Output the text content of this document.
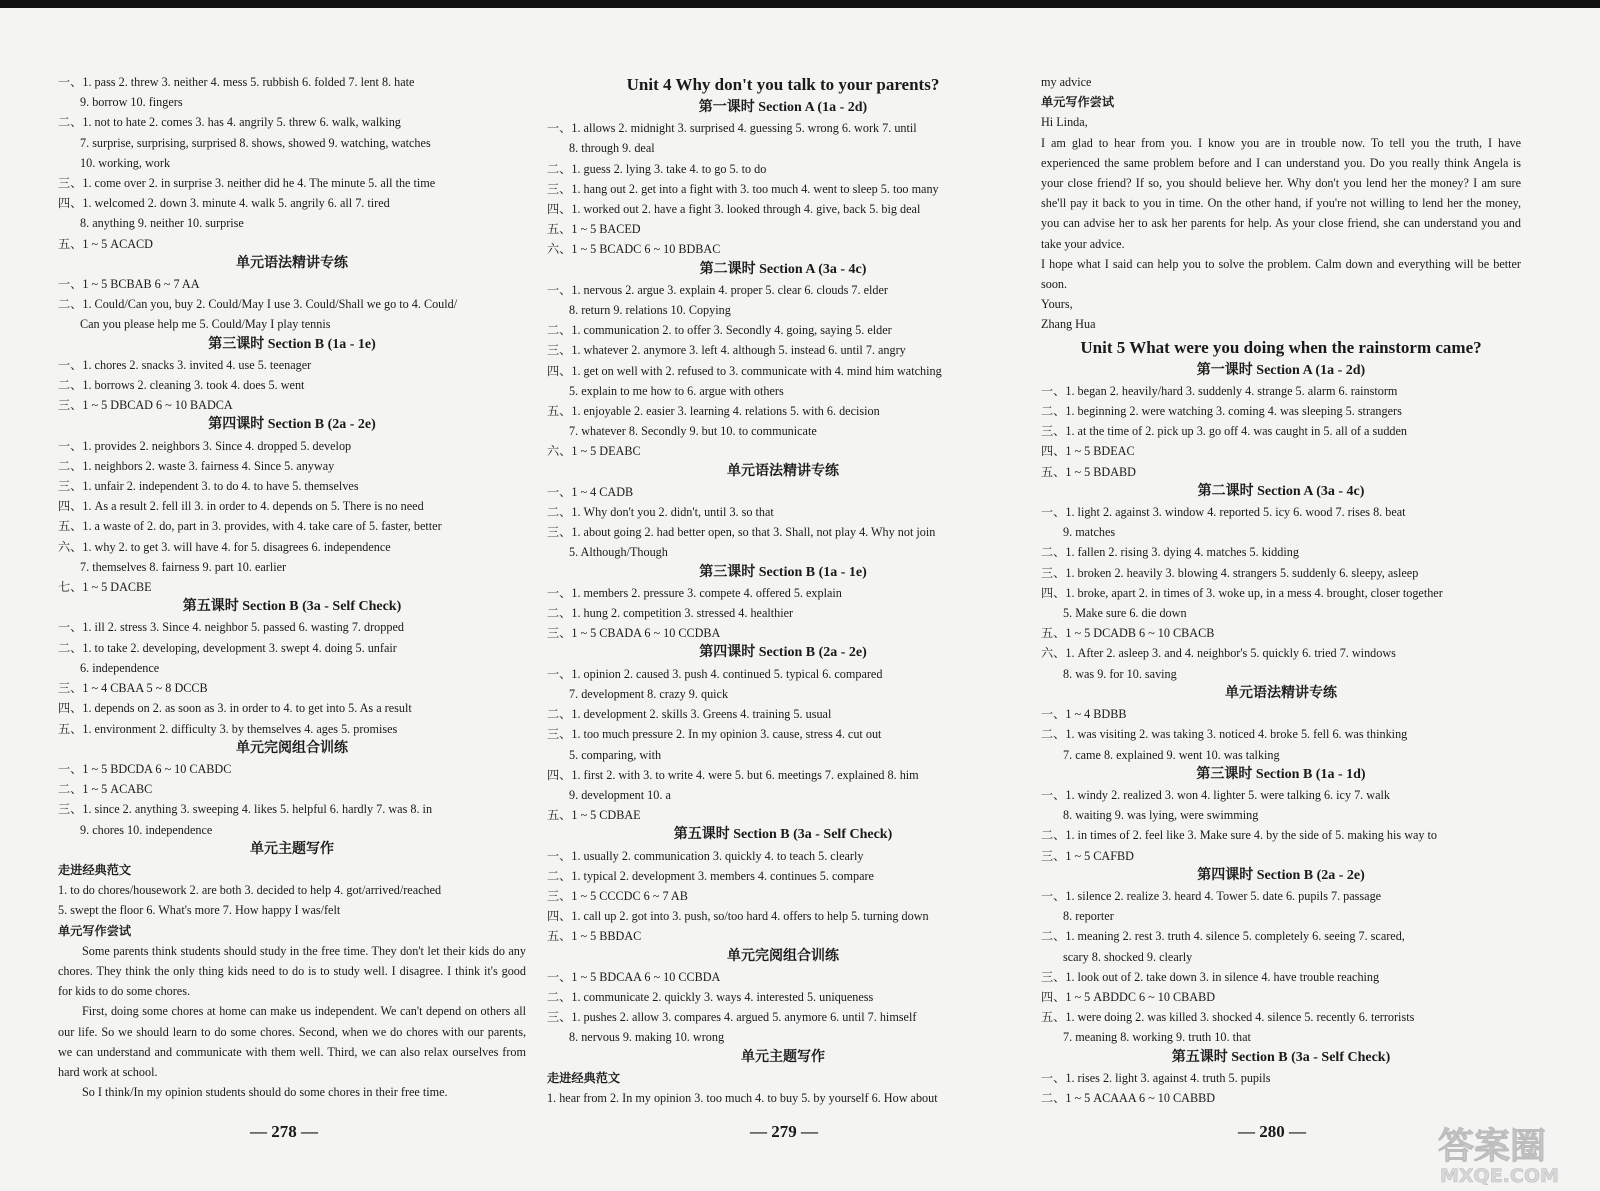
一、1. pass 2. threw 3. neither 4. mess 5. rubbish 6. folded 7. lent 8. hate
9. borrow 10. fingers
二、1. not to hate 2. comes 3. has 4. angrily 5. threw 6. walk, walking
7. surprise, surprising, surprised 8. shows, showed 9. watching, watches
10. working, work
三、1. come over 2. in surprise 3. neither did he 4. The minute 5. all the time
四、1. welcomed 2. down 3. minute 4. walk 5. angrily 6. all 7. tired
8. anything 9. neither 10. surprise
五、1 ~ 5 ACACD
单元语法精讲专练
一、1 ~ 5 BCBAB 6 ~ 7 AA
二、1. Could/Can you, buy 2. Could/May I use 3. Could/Shall we go to 4. Could/
Can you please help me 5. Could/May I play tennis
第三课时 Section B (1a - 1e)
一、1. chores 2. snacks 3. invited 4. use 5. teenager
二、1. borrows 2. cleaning 3. took 4. does 5. went
三、1 ~ 5 DBCAD 6 ~ 10 BADCA
第四课时 Section B (2a - 2e)
一、1. provides 2. neighbors 3. Since 4. dropped 5. develop
二、1. neighbors 2. waste 3. fairness 4. Since 5. anyway
三、1. unfair 2. independent 3. to do 4. to have 5. themselves
四、1. As a result 2. fell ill 3. in order to 4. depends on 5. There is no need
五、1. a waste of 2. do, part in 3. provides, with 4. take care of 5. faster, better
六、1. why 2. to get 3. will have 4. for 5. disagrees 6. independence
7. themselves 8. fairness 9. part 10. earlier
七、1 ~ 5 DACBE
第五课时 Section B (3a - Self Check)
一、1. ill 2. stress 3. Since 4. neighbor 5. passed 6. wasting 7. dropped
二、1. to take 2. developing, development 3. swept 4. doing 5. unfair
6. independence
三、1 ~ 4 CBAA 5 ~ 8 DCCB
四、1. depends on 2. as soon as 3. in order to 4. to get into 5. As a result
五、1. environment 2. difficulty 3. by themselves 4. ages 5. promises
单元完阅组合训练
一、1 ~ 5 BDCDA 6 ~ 10 CABDC
二、1 ~ 5 ACABC
三、1. since 2. anything 3. sweeping 4. likes 5. helpful 6. hardly 7. was 8. in
9. chores 10. independence
单元主题写作
走进经典范文
1. to do chores/housework 2. are both 3. decided to help 4. got/arrived/reached
5. swept the floor 6. What's more 7. How happy I was/felt
单元写作尝试
Some parents think students should study in the free time. They don't let their kids do any chores. They think the only thing kids need to do is to study well. I disagree. I think it's good for kids to do some chores.
First, doing some chores at home can make us independent. We can't depend on others all our life. So we should learn to do some chores. Second, when we do chores with our parents, we can understand and communicate with them well. Third, we can also relax ourselves from hard work at school.
So I think/In my opinion students should do some chores in their free time.
Unit 4 Why don't you talk to your parents?
第一课时 Section A (1a - 2d)
一、1. allows 2. midnight 3. surprised 4. guessing 5. wrong 6. work 7. until
8. through 9. deal
二、1. guess 2. lying 3. take 4. to go 5. to do
三、1. hang out 2. get into a fight with 3. too much 4. went to sleep 5. too many
四、1. worked out 2. have a fight 3. looked through 4. give, back 5. big deal
五、1 ~ 5 BACED
六、1 ~ 5 BCADC 6 ~ 10 BDBAC
第二课时 Section A (3a - 4c)
一、1. nervous 2. argue 3. explain 4. proper 5. clear 6. clouds 7. elder
8. return 9. relations 10. Copying
二、1. communication 2. to offer 3. Secondly 4. going, saying 5. elder
三、1. whatever 2. anymore 3. left 4. although 5. instead 6. until 7. angry
四、1. get on well with 2. refused to 3. communicate with 4. mind him watching
5. explain to me how to 6. argue with others
五、1. enjoyable 2. easier 3. learning 4. relations 5. with 6. decision
7. whatever 8. Secondly 9. but 10. to communicate
六、1 ~ 5 DEABC
单元语法精讲专练
一、1 ~ 4 CADB
二、1. Why don't you 2. didn't, until 3. so that
三、1. about going 2. had better open, so that 3. Shall, not play 4. Why not join
5. Although/Though
第三课时 Section B (1a - 1e)
一、1. members 2. pressure 3. compete 4. offered 5. explain
二、1. hung 2. competition 3. stressed 4. healthier
三、1 ~ 5 CBADA 6 ~ 10 CCDBA
第四课时 Section B (2a - 2e)
一、1. opinion 2. caused 3. push 4. continued 5. typical 6. compared
7. development 8. crazy 9. quick
二、1. development 2. skills 3. Greens 4. training 5. usual
三、1. too much pressure 2. In my opinion 3. cause, stress 4. cut out
5. comparing, with
四、1. first 2. with 3. to write 4. were 5. but 6. meetings 7. explained 8. him
9. development 10. a
五、1 ~ 5 CDBAE
第五课时 Section B (3a - Self Check)
一、1. usually 2. communication 3. quickly 4. to teach 5. clearly
二、1. typical 2. development 3. members 4. continues 5. compare
三、1 ~ 5 CCCDC 6 ~ 7 AB
四、1. call up 2. got into 3. push, so/too hard 4. offers to help 5. turning down
五、1 ~ 5 BBDAC
单元完阅组合训练
一、1 ~ 5 BDCAA 6 ~ 10 CCBDA
二、1. communicate 2. quickly 3. ways 4. interested 5. uniqueness
三、1. pushes 2. allow 3. compares 4. argued 5. anymore 6. until 7. himself
8. nervous 9. making 10. wrong
单元主题写作
走进经典范文
1. hear from 2. In my opinion 3. too much 4. to buy 5. by yourself 6. How about
my advice
单元写作尝试
Hi Linda,
I am glad to hear from you. I know you are in trouble now. To tell you the truth, I have experienced the same problem before and I can understand you. Do you really think Angela is your close friend? If so, you should believe her. Why don't you lend her the money? I am sure she'll pay it back to you in time. On the other hand, if you're not willing to lend her the money, you can advise her to ask her parents for help. As your close friend, she can understand you and take your advice.
I hope what I said can help you to solve the problem. Calm down and everything will be better soon.
Yours,
Zhang Hua
Unit 5 What were you doing when the rainstorm came?
第一课时 Section A (1a - 2d)
一、1. began 2. heavily/hard 3. suddenly 4. strange 5. alarm 6. rainstorm
二、1. beginning 2. were watching 3. coming 4. was sleeping 5. strangers
三、1. at the time of 2. pick up 3. go off 4. was caught in 5. all of a sudden
四、1 ~ 5 BDEAC
五、1 ~ 5 BDABD
第二课时 Section A (3a - 4c)
一、1. light 2. against 3. window 4. reported 5. icy 6. wood 7. rises 8. beat
9. matches
二、1. fallen 2. rising 3. dying 4. matches 5. kidding
三、1. broken 2. heavily 3. blowing 4. strangers 5. suddenly 6. sleepy, asleep
四、1. broke, apart 2. in times of 3. woke up, in a mess 4. brought, closer together
5. Make sure 6. die down
五、1 ~ 5 DCADB 6 ~ 10 CBACB
六、1. After 2. asleep 3. and 4. neighbor's 5. quickly 6. tried 7. windows
8. was 9. for 10. saving
单元语法精讲专练
一、1 ~ 4 BDBB
二、1. was visiting 2. was taking 3. noticed 4. broke 5. fell 6. was thinking
7. came 8. explained 9. went 10. was talking
第三课时 Section B (1a - 1d)
一、1. windy 2. realized 3. won 4. lighter 5. were talking 6. icy 7. walk
8. waiting 9. was lying, were swimming
二、1. in times of 2. feel like 3. Make sure 4. by the side of 5. making his way to
三、1 ~ 5 CAFBD
第四课时 Section B (2a - 2e)
一、1. silence 2. realize 3. heard 4. Tower 5. date 6. pupils 7. passage
8. reporter
二、1. meaning 2. rest 3. truth 4. silence 5. completely 6. seeing 7. scared,
scary 8. shocked 9. clearly
三、1. look out of 2. take down 3. in silence 4. have trouble reaching
四、1 ~ 5 ABDDC 6 ~ 10 CBABD
五、1. were doing 2. was killed 3. shocked 4. silence 5. recently 6. terrorists
7. meaning 8. working 9. truth 10. that
第五课时 Section B (3a - Self Check)
一、1. rises 2. light 3. against 4. truth 5. pupils
二、1 ~ 5 ACAAA 6 ~ 10 CABBD
— 278 —	— 279 —	— 280 —	答案圈
MXQE.COM
